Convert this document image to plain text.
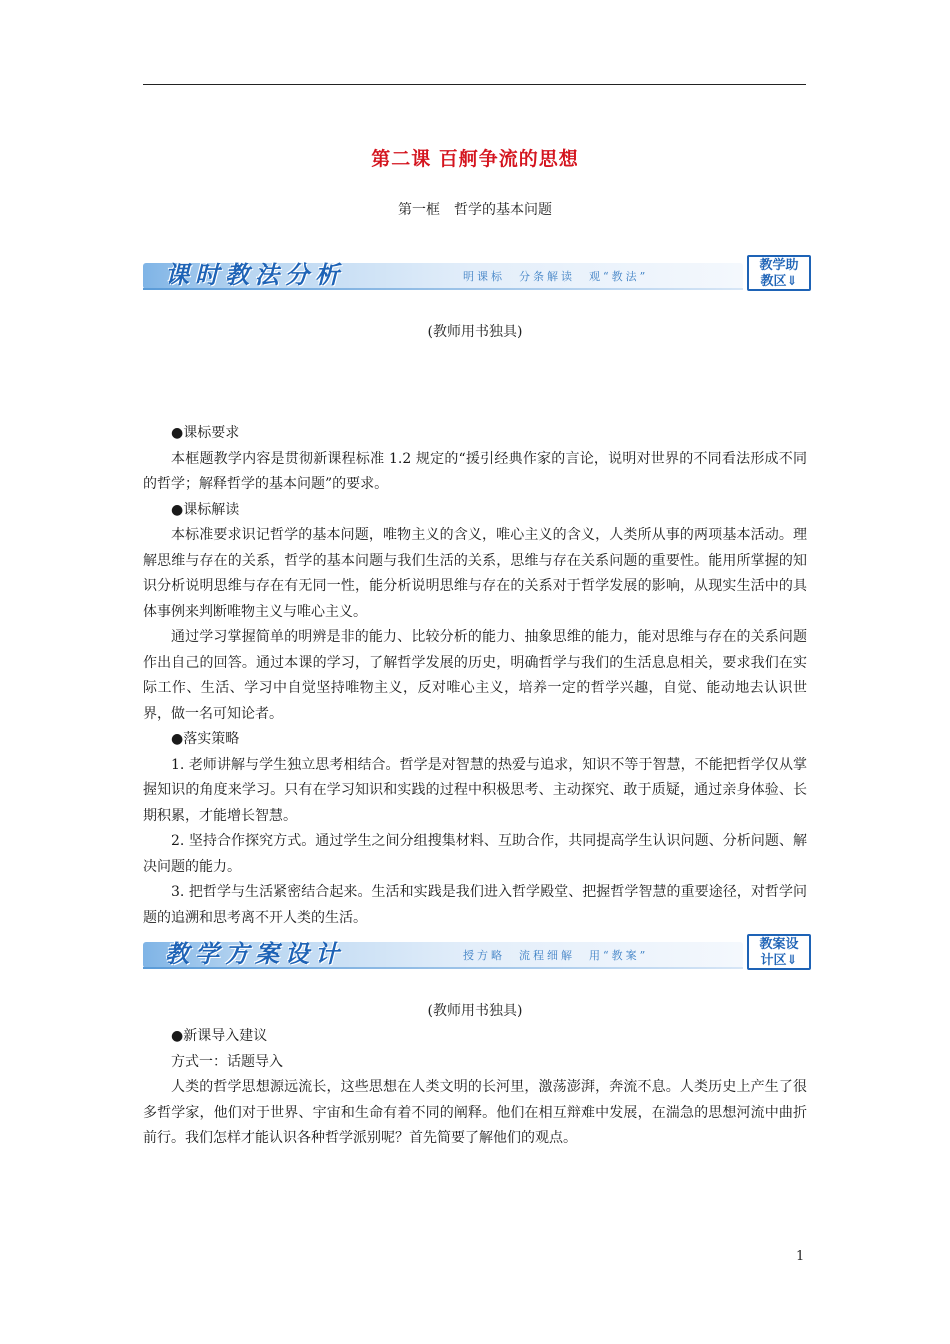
第二课 百舸争流的思想
第一框　哲学的基本问题
课时教法分析	明课标　分条解读　观“教法”
教学助
教区⇓
(教师用书独具)

●课标要求

本框题教学内容是贯彻新课程标准 1.2 规定的“援引经典作家的言论，说明对世界的不同看法形成不同的哲学；解释哲学的基本问题”的要求。

●课标解读

本标准要求识记哲学的基本问题，唯物主义的含义，唯心主义的含义，人类所从事的两项基本活动。理解思维与存在的关系，哲学的基本问题与我们生活的关系，思维与存在关系问题的重要性。能用所掌握的知识分析说明思维与存在有无同一性，能分析说明思维与存在的关系对于哲学发展的影响，从现实生活中的具体事例来判断唯物主义与唯心主义。

通过学习掌握简单的明辨是非的能力、比较分析的能力、抽象思维的能力，能对思维与存在的关系问题作出自己的回答。通过本课的学习，了解哲学发展的历史，明确哲学与我们的生活息息相关，要求我们在实际工作、生活、学习中自觉坚持唯物主义，反对唯心主义，培养一定的哲学兴趣，自觉、能动地去认识世界，做一名可知论者。

●落实策略

1. 老师讲解与学生独立思考相结合。哲学是对智慧的热爱与追求，知识不等于智慧，不能把哲学仅从掌握知识的角度来学习。只有在学习知识和实践的过程中积极思考、主动探究、敢于质疑，通过亲身体验、长期积累，才能增长智慧。

2. 坚持合作探究方式。通过学生之间分组搜集材料、互助合作，共同提高学生认识问题、分析问题、解决问题的能力。

3. 把哲学与生活紧密结合起来。生活和实践是我们进入哲学殿堂、把握哲学智慧的重要途径，对哲学问题的追溯和思考离不开人类的生活。

教学方案设计	授方略　流程细解　用“教案”
教案设
计区⇓
(教师用书独具)

●新课导入建议

方式一：话题导入

人类的哲学思想源远流长，这些思想在人类文明的长河里，激荡澎湃，奔流不息。人类历史上产生了很多哲学家，他们对于世界、宇宙和生命有着不同的阐释。他们在相互辩难中发展，在湍急的思想河流中曲折前行。我们怎样才能认识各种哲学派别呢？首先简要了解他们的观点。

1
